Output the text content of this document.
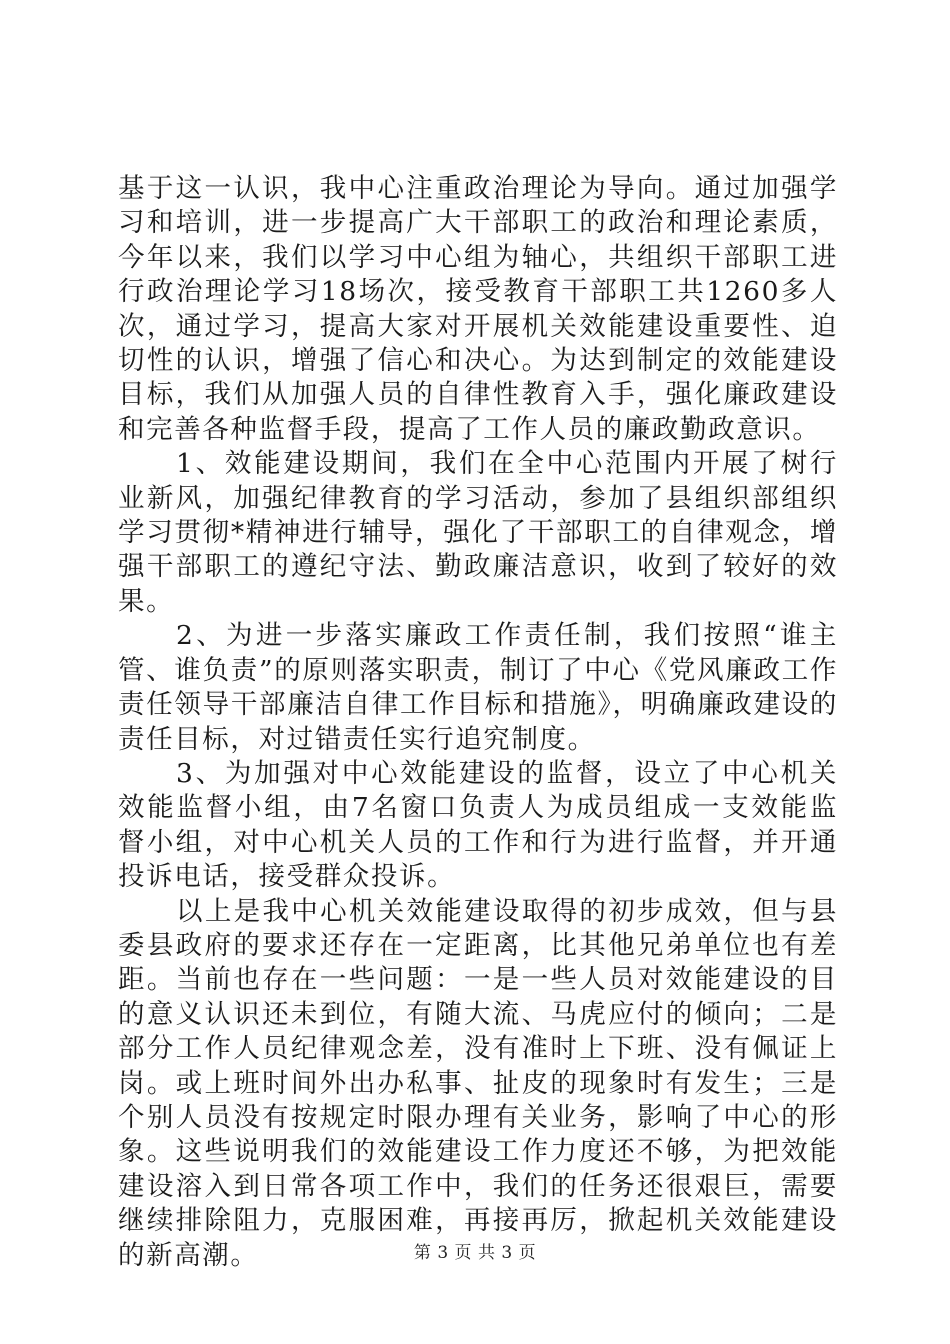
基于这一认识，我中心注重政治理论为导向。通过加强学习和培训，进一步提高广大干部职工的政治和理论素质，今年以来，我们以学习中心组为轴心，共组织干部职工进行政治理论学习18场次，接受教育干部职工共1260多人次，通过学习，提高大家对开展机关效能建设重要性、迫切性的认识，增强了信心和决心。为达到制定的效能建设目标，我们从加强人员的自律性教育入手，强化廉政建设和完善各种监督手段，提高了工作人员的廉政勤政意识。

1、效能建设期间，我们在全中心范围内开展了树行业新风，加强纪律教育的学习活动，参加了县组织部组织学习贯彻*精神进行辅导，强化了干部职工的自律观念，增强干部职工的遵纪守法、勤政廉洁意识，收到了较好的效果。

2、为进一步落实廉政工作责任制，我们按照“谁主管、谁负责”的原则落实职责，制订了中心《党风廉政工作责任领导干部廉洁自律工作目标和措施》，明确廉政建设的责任目标，对过错责任实行追究制度。

3、为加强对中心效能建设的监督，设立了中心机关效能监督小组，由7名窗口负责人为成员组成一支效能监督小组，对中心机关人员的工作和行为进行监督，并开通投诉电话，接受群众投诉。

以上是我中心机关效能建设取得的初步成效，但与县委县政府的要求还存在一定距离，比其他兄弟单位也有差距。当前也存在一些问题：一是一些人员对效能建设的目的意义认识还未到位，有随大流、马虎应付的倾向；二是部分工作人员纪律观念差，没有准时上下班、没有佩证上岗。或上班时间外出办私事、扯皮的现象时有发生；三是个别人员没有按规定时限办理有关业务，影响了中心的形象。这些说明我们的效能建设工作力度还不够，为把效能建设溶入到日常各项工作中，我们的任务还很艰巨，需要继续排除阻力，克服困难，再接再厉，掀起机关效能建设的新高潮。	第 3 页 共 3 页
